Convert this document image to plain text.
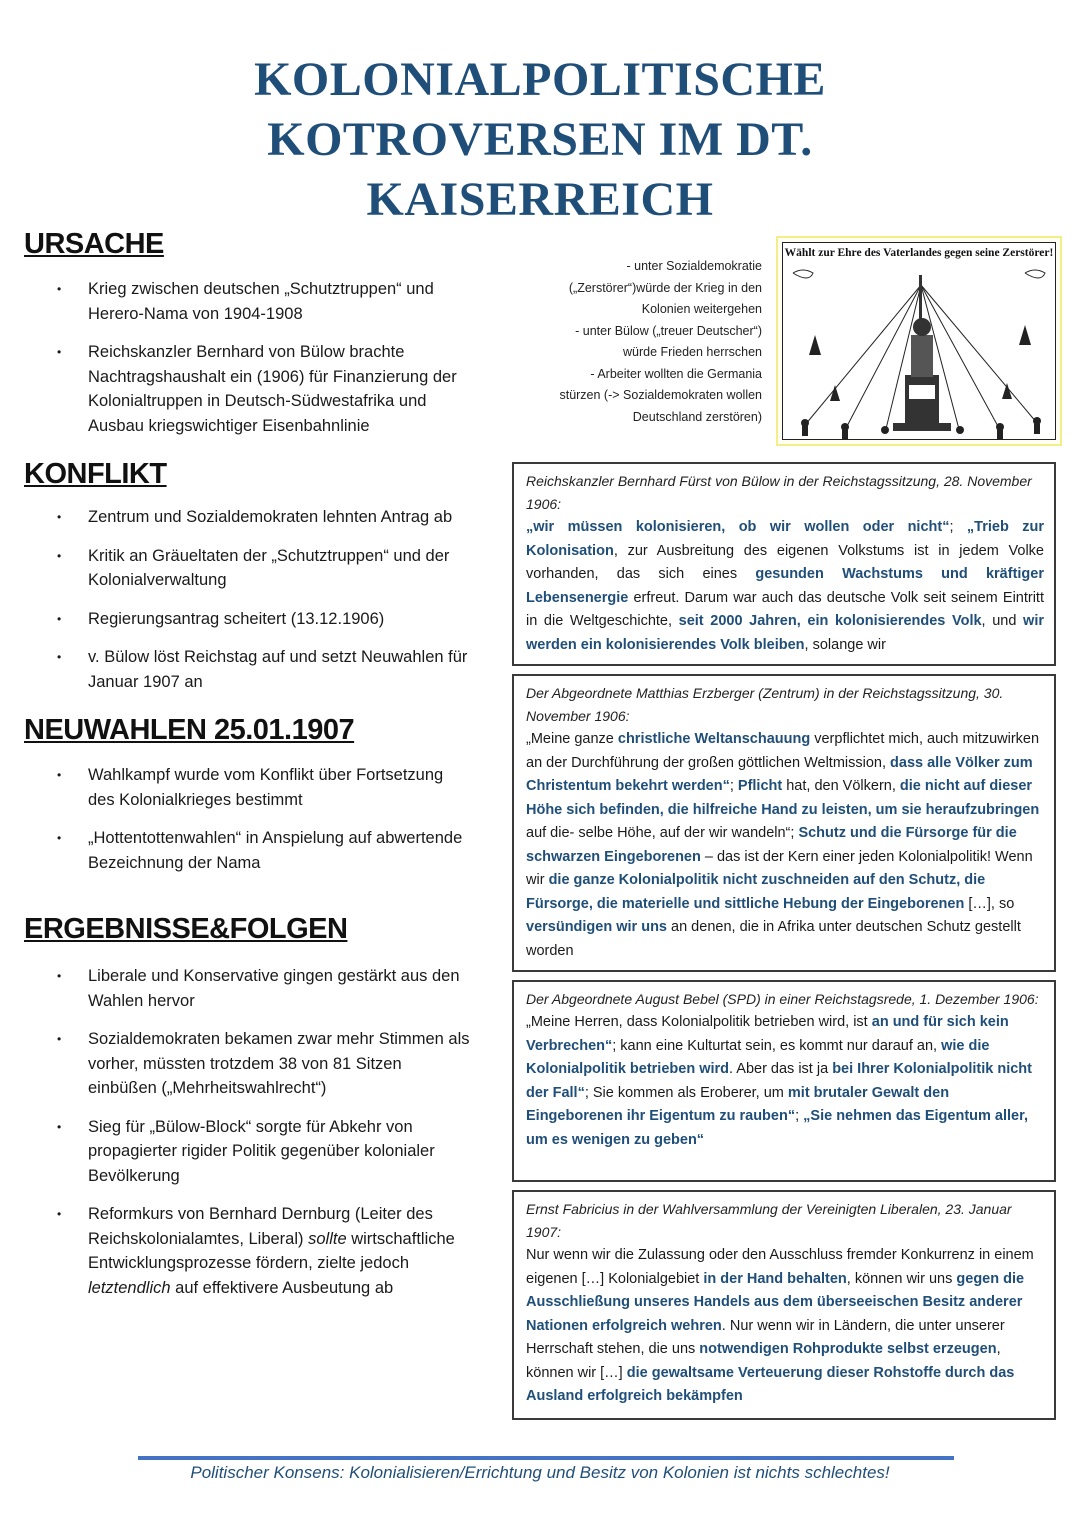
KOLONIALPOLITISCHE
KOTROVERSEN IM DT.
KAISERREICH
URSACHE
• Krieg zwischen deutschen „Schutztruppen“ und Herero-Nama von 1904-1908
• Reichskanzler Bernhard von Bülow brachte Nachtragshaushalt ein (1906) für Finanzierung der Kolonialtruppen in Deutsch-Südwestafrika und Ausbau kriegswichtiger Eisenbahnlinie
KONFLIKT
• Zentrum und Sozialdemokraten lehnten Antrag ab
• Kritik an Gräueltaten der „Schutztruppen“ und der Kolonialverwaltung
• Regierungsantrag scheitert (13.12.1906)
• v. Bülow löst Reichstag auf und setzt Neuwahlen für Januar 1907 an
NEUWAHLEN 25.01.1907
• Wahlkampf wurde vom Konflikt über Fortsetzung des Kolonialkrieges bestimmt
• „Hottentottenwahlen“ in Anspielung auf abwertende Bezeichnung der Nama
ERGEBNISSE&FOLGEN
• Liberale und Konservative gingen gestärkt aus den Wahlen hervor
• Sozialdemokraten bekamen zwar mehr Stimmen als vorher, müssten trotzdem 38 von 81 Sitzen einbüßen („Mehrheitswahlrecht“)
• Sieg für „Bülow-Block“ sorgte für Abkehr von propagierter rigider Politik gegenüber kolonialer Bevölkerung
• Reformkurs von Bernhard Dernburg (Leiter des Reichskolonialamtes, Liberal) sollte wirtschaftliche Entwicklungsprozesse fördern, zielte jedoch letztendlich auf effektivere Ausbeutung ab
- unter Sozialdemokratie
(„Zerstörer“)würde der Krieg in den
Kolonien weitergehen
- unter Bülow („treuer Deutscher“)
würde Frieden herrschen
- Arbeiter wollten die Germania
stürzen (-> Sozialdemokraten wollen
Deutschland zerstören)
Wählt zur Ehre des Vaterlandes gegen seine Zerstörer!

Reichskanzler Bernhard Fürst von Bülow in der Reichstagssitzung, 28. November 1906:

„wir müssen kolonisieren, ob wir wollen oder nicht“; „Trieb zur Kolonisation, zur Ausbreitung des eigenen Volkstums ist in jedem Volke vorhanden, das sich eines gesunden Wachstums und kräftiger Lebensenergie erfreut. Darum war auch das deutsche Volk seit seinem Eintritt in die Weltgeschichte, seit 2000 Jahren, ein kolonisierendes Volk, und wir werden ein kolonisierendes Volk bleiben, solange wir

Der Abgeordnete Matthias Erzberger (Zentrum) in der Reichstagssitzung, 30. November 1906:

„Meine ganze christliche Weltanschauung verpflichtet mich, auch mitzuwirken an der Durchführung der großen göttlichen Weltmission, dass alle Völker zum Christentum bekehrt werden“; Pflicht hat, den Völkern, die nicht auf dieser Höhe sich befinden, die hilfreiche Hand zu leisten, um sie heraufzubringen auf die- selbe Höhe, auf der wir wandeln“; Schutz und die Fürsorge für die schwarzen Eingeborenen – das ist der Kern einer jeden Kolonialpolitik! Wenn wir die ganze Kolonialpolitik nicht zuschneiden auf den Schutz, die Fürsorge, die materielle und sittliche Hebung der Eingeborenen […], so versündigen wir uns an denen, die in Afrika unter deutschen Schutz gestellt worden

Der Abgeordnete August Bebel (SPD) in einer Reichstagsrede, 1. Dezember 1906:

„Meine Herren, dass Kolonialpolitik betrieben wird, ist an und für sich kein Verbrechen“; kann eine Kulturtat sein, es kommt nur darauf an, wie die Kolonialpolitik betrieben wird. Aber das ist ja bei Ihrer Kolonialpolitik nicht der Fall“; Sie kommen als Eroberer, um mit brutaler Gewalt den Eingeborenen ihr Eigentum zu rauben“; „Sie nehmen das Eigentum aller, um es wenigen zu geben“

Ernst Fabricius in der Wahlversammlung der Vereinigten Liberalen, 23. Januar 1907:

Nur wenn wir die Zulassung oder den Ausschluss fremder Konkurrenz in einem eigenen […] Kolonialgebiet in der Hand behalten, können wir uns gegen die Ausschließung unseres Handels aus dem überseeischen Besitz anderer Nationen erfolgreich wehren. Nur wenn wir in Ländern, die unter unserer Herrschaft stehen, die uns notwendigen Rohprodukte selbst erzeugen, können wir […] die gewaltsame Verteuerung dieser Rohstoffe durch das Ausland erfolgreich bekämpfen

Politischer Konsens: Kolonialisieren/Errichtung und Besitz von Kolonien ist nichts schlechtes!
